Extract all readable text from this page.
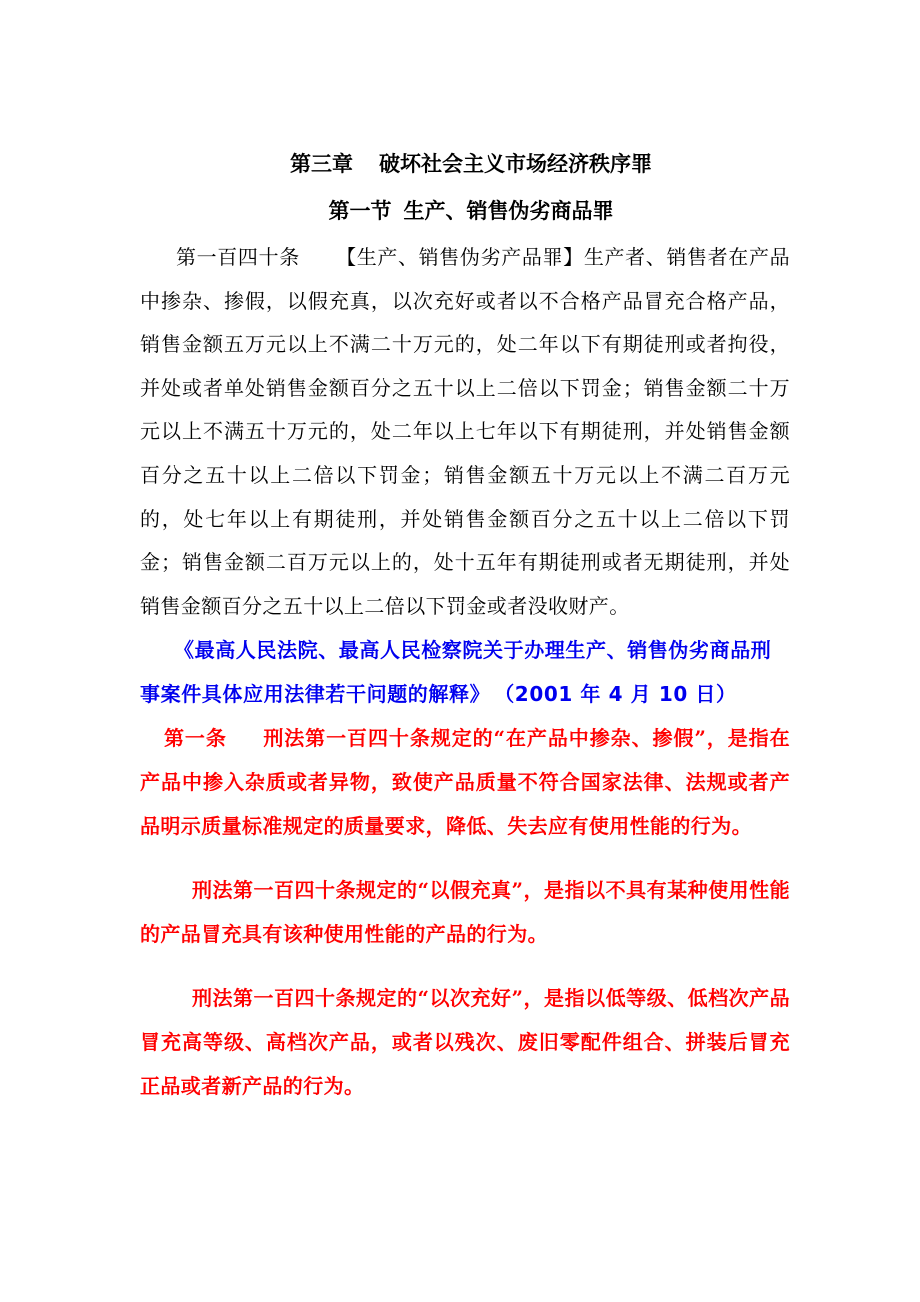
第三章 破坏社会主义市场经济秩序罪
第一节 生产、销售伪劣商品罪

第一百四十条 【生产、销售伪劣产品罪】生产者、销售者在产品中掺杂、掺假，以假充真，以次充好或者以不合格产品冒充合格产品，销售金额五万元以上不满二十万元的，处二年以下有期徒刑或者拘役，并处或者单处销售金额百分之五十以上二倍以下罚金；销售金额二十万元以上不满五十万元的，处二年以上七年以下有期徒刑，并处销售金额百分之五十以上二倍以下罚金；销售金额五十万元以上不满二百万元的，处七年以上有期徒刑，并处销售金额百分之五十以上二倍以下罚金；销售金额二百万元以上的，处十五年有期徒刑或者无期徒刑，并处销售金额百分之五十以上二倍以下罚金或者没收财产。

《最高人民法院、最高人民检察院关于办理生产、销售伪劣商品刑事案件具体应用法律若干问题的解释》 （2001 年 4 月 10 日）

第一条 刑法第一百四十条规定的“在产品中掺杂、掺假”，是指在产品中掺入杂质或者异物，致使产品质量不符合国家法律、法规或者产品明示质量标准规定的质量要求，降低、失去应有使用性能的行为。

刑法第一百四十条规定的“以假充真”，是指以不具有某种使用性能的产品冒充具有该种使用性能的产品的行为。

刑法第一百四十条规定的“以次充好”，是指以低等级、低档次产品冒充高等级、高档次产品，或者以残次、废旧零配件组合、拼装后冒充正品或者新产品的行为。
